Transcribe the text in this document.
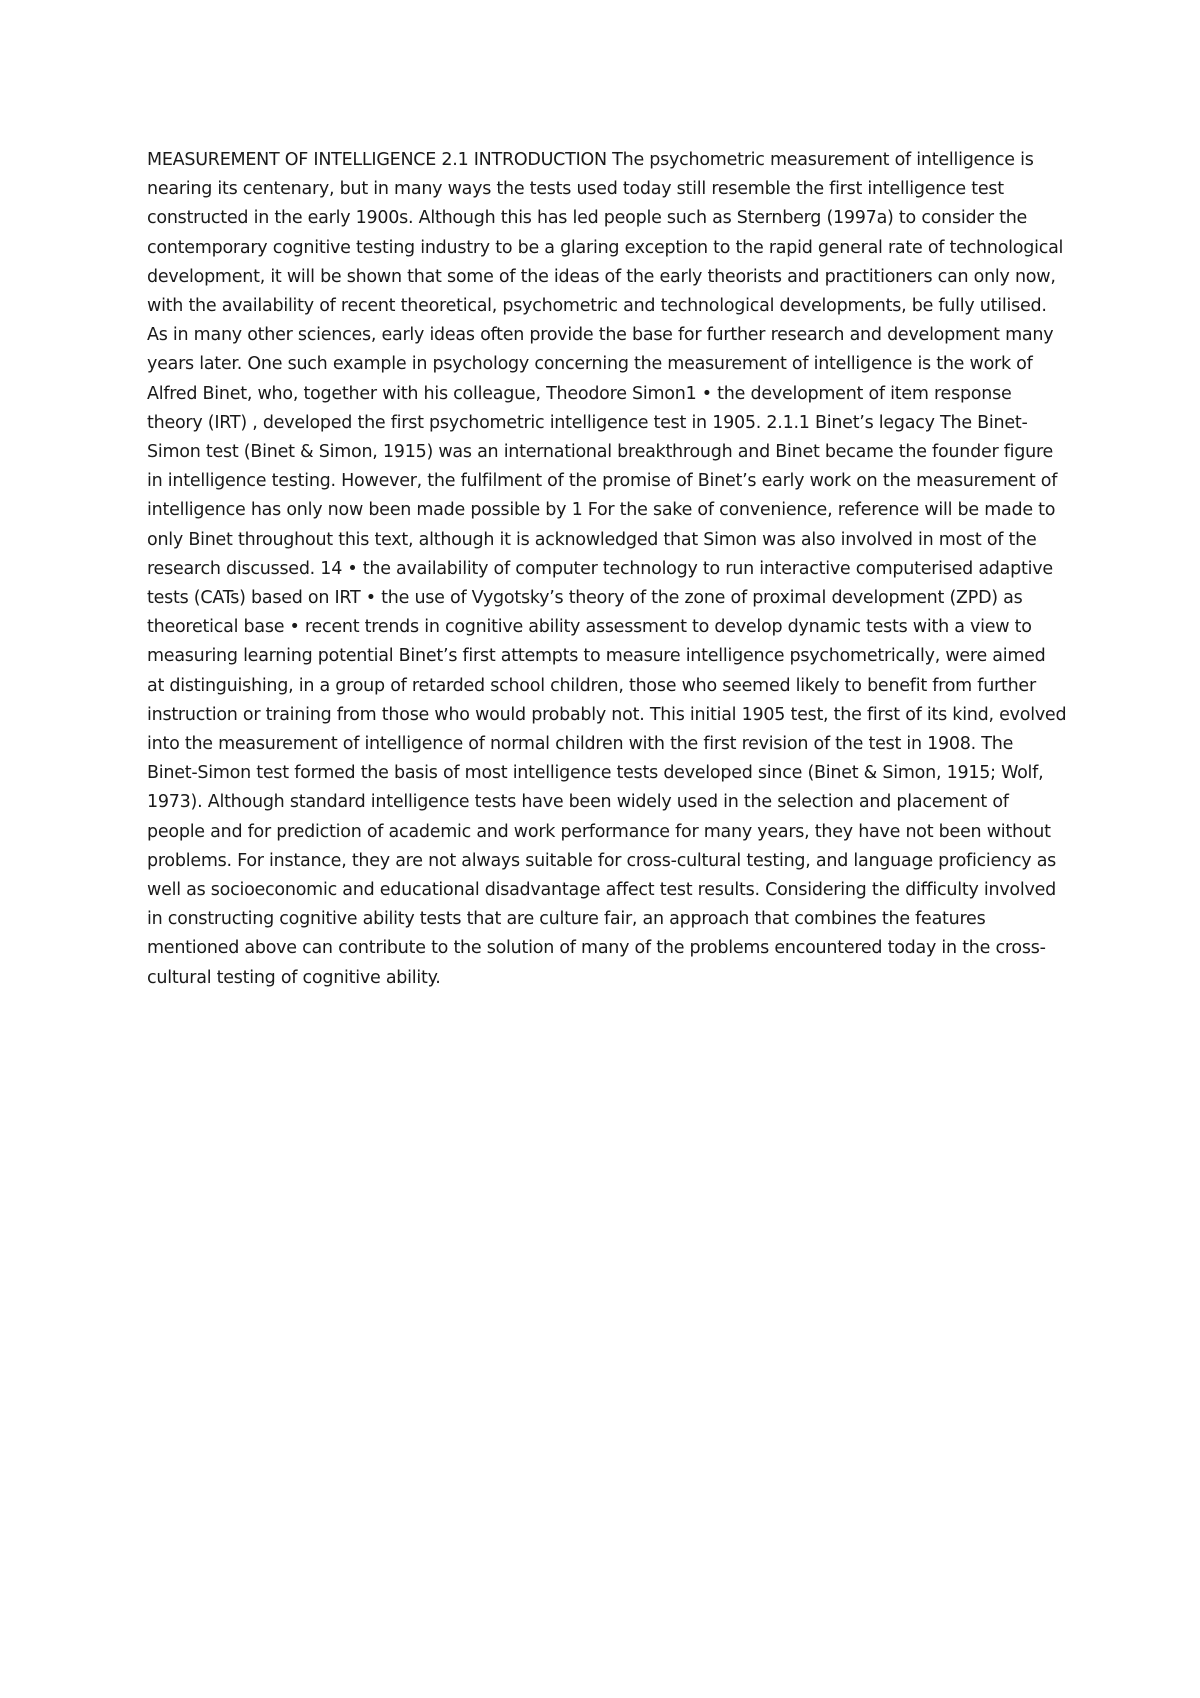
MEASUREMENT OF INTELLIGENCE 2.1 INTRODUCTION The psychometric measurement of intelligence is nearing its centenary, but in many ways the tests used today still resemble the first intelligence test constructed in the early 1900s. Although this has led people such as Sternberg (1997a) to consider the contemporary cognitive testing industry to be a glaring exception to the rapid general rate of technological development, it will be shown that some of the ideas of the early theorists and practitioners can only now, with the availability of recent theoretical, psychometric and technological developments, be fully utilised. As in many other sciences, early ideas often provide the base for further research and development many years later. One such example in psychology concerning the measurement of intelligence is the work of Alfred Binet, who, together with his colleague, Theodore Simon1 • the development of item response theory (IRT) , developed the first psychometric intelligence test in 1905. 2.1.1 Binet’s legacy The Binet-Simon test (Binet & Simon, 1915) was an international breakthrough and Binet became the founder figure in intelligence testing. However, the fulfilment of the promise of Binet’s early work on the measurement of intelligence has only now been made possible by 1 For the sake of convenience, reference will be made to only Binet throughout this text, although it is acknowledged that Simon was also involved in most of the research discussed. 14 • the availability of computer technology to run interactive computerised adaptive tests (CATs) based on IRT • the use of Vygotsky’s theory of the zone of proximal development (ZPD) as theoretical base • recent trends in cognitive ability assessment to develop dynamic tests with a view to measuring learning potential Binet’s first attempts to measure intelligence psychometrically, were aimed at distinguishing, in a group of retarded school children, those who seemed likely to benefit from further instruction or training from those who would probably not. This initial 1905 test, the first of its kind, evolved into the measurement of intelligence of normal children with the first revision of the test in 1908. The Binet-Simon test formed the basis of most intelligence tests developed since (Binet & Simon, 1915; Wolf, 1973). Although standard intelligence tests have been widely used in the selection and placement of people and for prediction of academic and work performance for many years, they have not been without problems. For instance, they are not always suitable for cross-cultural testing, and language proficiency as well as socioeconomic and educational disadvantage affect test results. Considering the difficulty involved in constructing cognitive ability tests that are culture fair, an approach that combines the features mentioned above can contribute to the solution of many of the problems encountered today in the cross-cultural testing of cognitive ability.
